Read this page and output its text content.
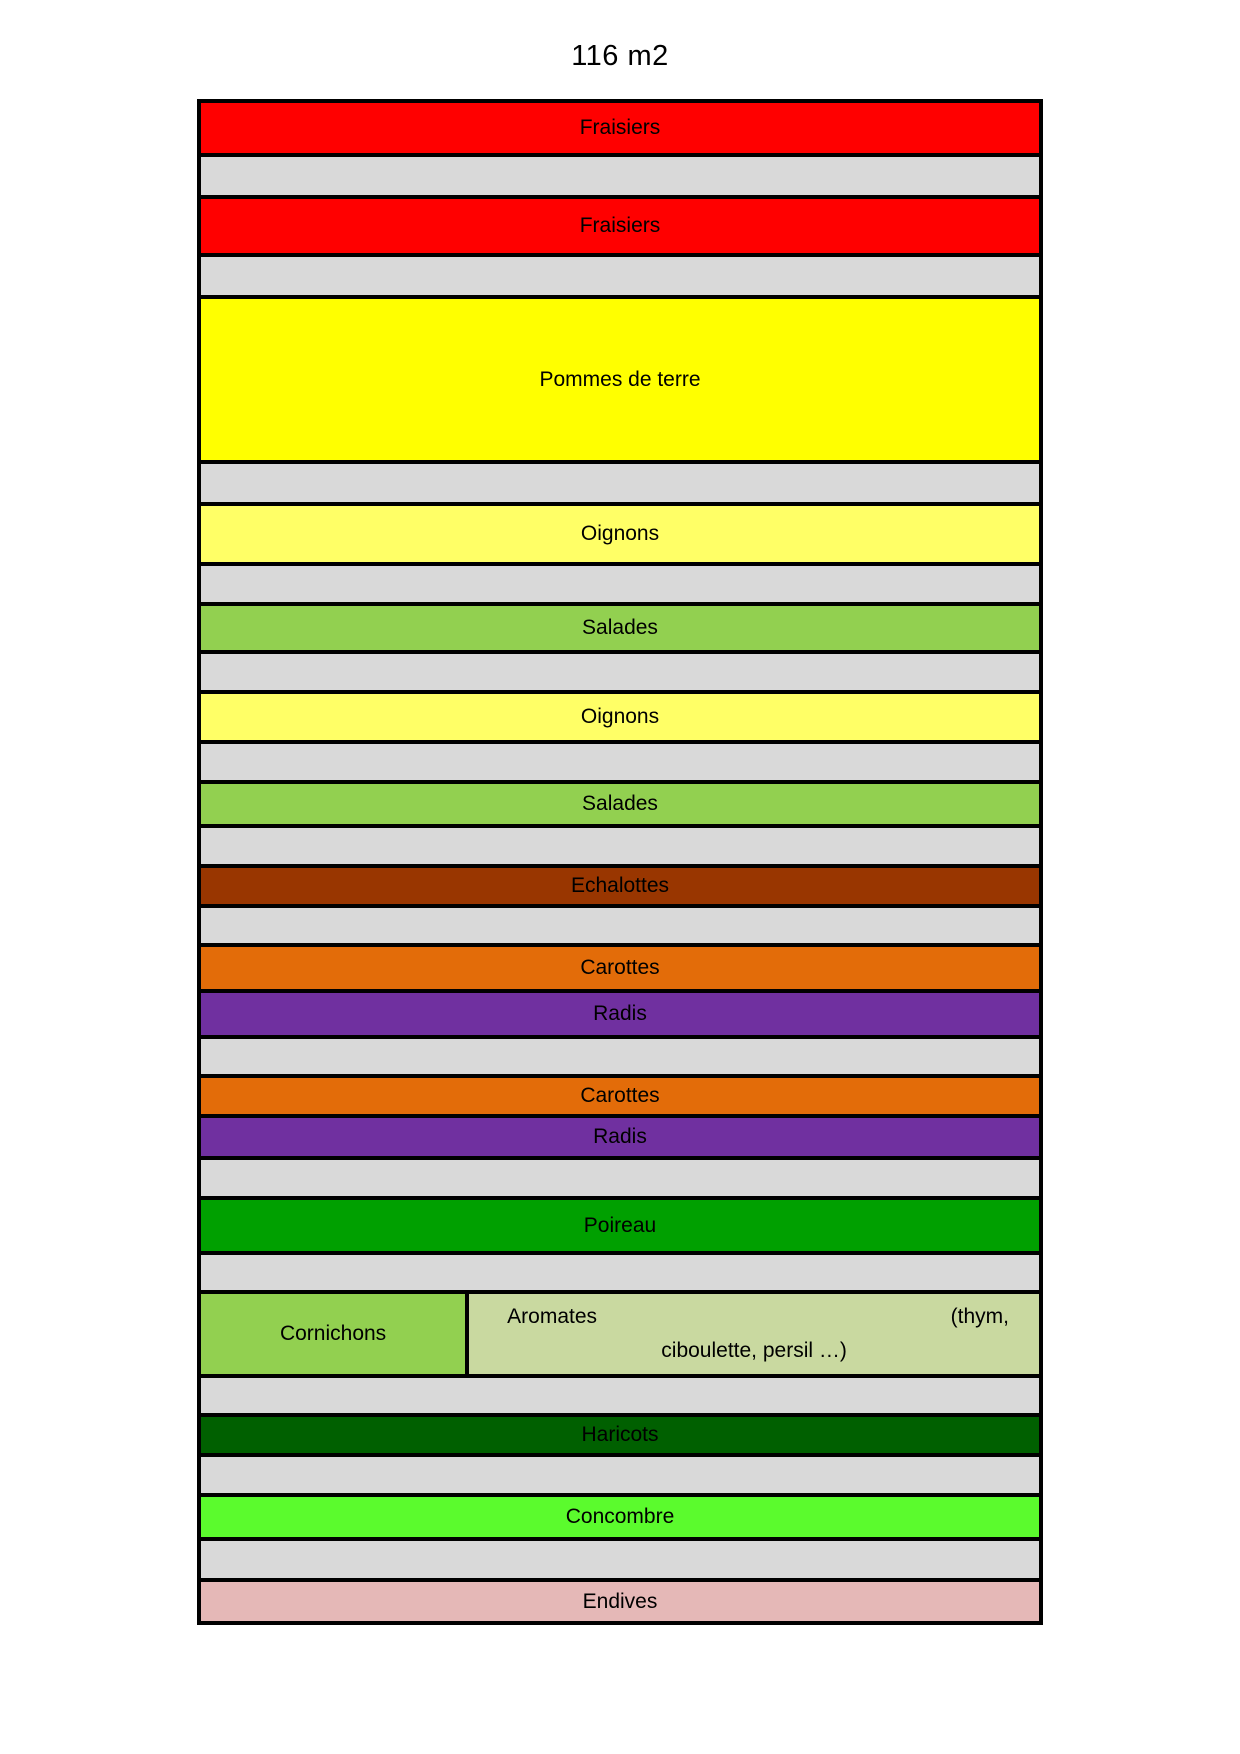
116 m2
Fraisiers
Fraisiers
Pommes de terre
Oignons
Salades
Oignons
Salades
Echalottes
Carottes
Radis
Carottes
Radis
Poireau
Cornichons
Aromates	(thym,
ciboulette, persil …)
Haricots
Concombre
Endives
